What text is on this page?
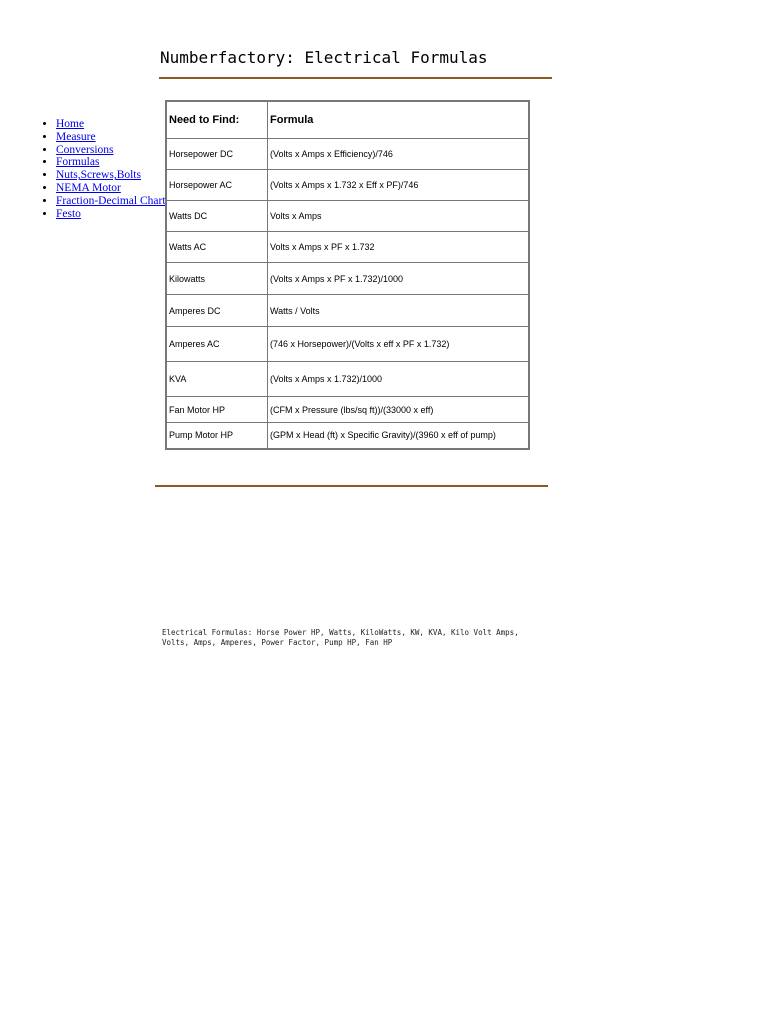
Numberfactory: Electrical Formulas
• Home
• Measure
• Conversions
• Formulas
• Nuts,Screws,Bolts
• NEMA Motor
• Fraction-Decimal Chart
• Festo
Need to Find:	Formula
Horsepower DC	(Volts x Amps x Efficiency)/746
Horsepower AC	(Volts x Amps x 1.732 x Eff x PF)/746
Watts DC	Volts x Amps
Watts AC	Volts x Amps x PF x 1.732
Kilowatts	(Volts x Amps x PF x 1.732)/1000
Amperes DC	Watts / Volts
Amperes AC	(746 x Horsepower)/(Volts x eff x PF x 1.732)
KVA	(Volts x Amps x 1.732)/1000
Fan Motor HP	(CFM x Pressure (lbs/sq ft))/(33000 x eff)
Pump Motor HP	(GPM x Head (ft) x Specific Gravity)/(3960 x eff of pump)

Electrical Formulas: Horse Power HP, Watts, KiloWatts, KW, KVA, Kilo Volt Amps, Volts, Amps, Amperes, Power Factor, Pump HP, Fan HP
